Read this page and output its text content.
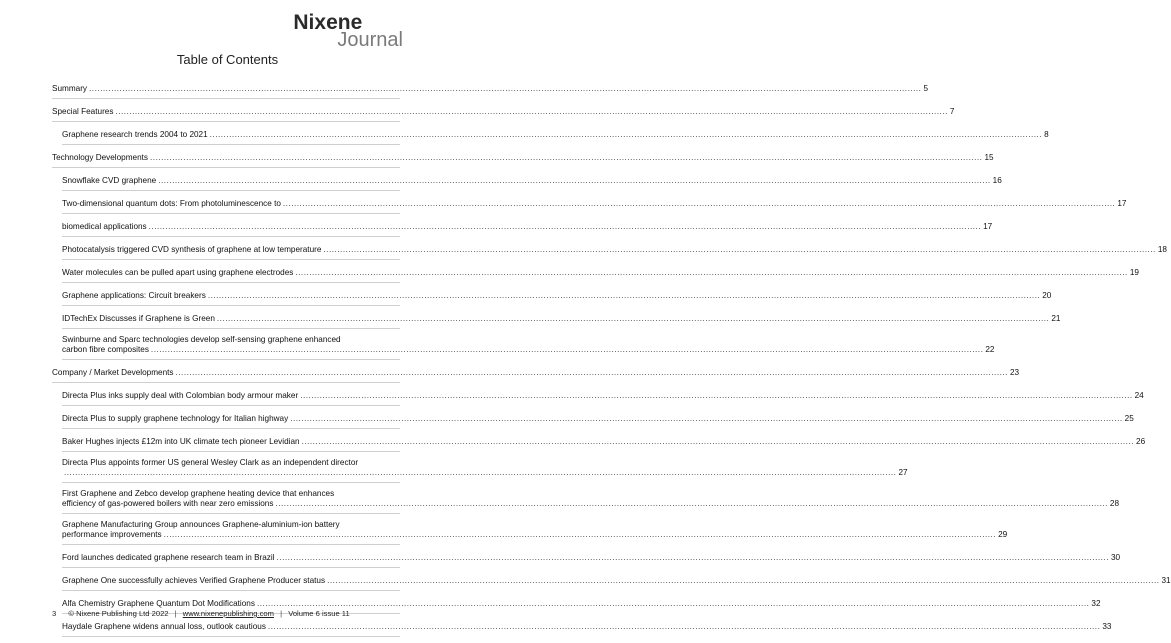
Nixene
Journal
Table of Contents
Summary ............................................................................................................................................................................................................................................................................................................ 5
Special Features ............................................................................................................................................................................................................................................................................................................ 7
Graphene research trends 2004 to 2021 ............................................................................................................................................................................................................................................................................................................ 8
Technology Developments ............................................................................................................................................................................................................................................................................................................ 15
Snowflake CVD graphene ............................................................................................................................................................................................................................................................................................................ 16
Two-dimensional quantum dots: From photoluminescence to ............................................................................................................................................................................................................................................................................................................ 17
biomedical applications ............................................................................................................................................................................................................................................................................................................ 17
Photocatalysis triggered CVD synthesis of graphene at low temperature ............................................................................................................................................................................................................................................................................................................ 18
Water molecules can be pulled apart using graphene electrodes ............................................................................................................................................................................................................................................................................................................ 19
Graphene applications: Circuit breakers ............................................................................................................................................................................................................................................................................................................ 20
IDTechEx Discusses if Graphene is Green ............................................................................................................................................................................................................................................................................................................ 21
Swinburne and Sparc technologies develop self-sensing graphene enhanced
carbon fibre composites ............................................................................................................................................................................................................................................................................................................ 22
Company / Market Developments ............................................................................................................................................................................................................................................................................................................ 23
Directa Plus inks supply deal with Colombian body armour maker ............................................................................................................................................................................................................................................................................................................ 24
Directa Plus to supply graphene technology for Italian highway ............................................................................................................................................................................................................................................................................................................ 25
Baker Hughes injects £12m into UK climate tech pioneer Levidian ............................................................................................................................................................................................................................................................................................................ 26
Directa Plus appoints former US general Wesley Clark as an independent director
............................................................................................................................................................................................................................................................................................................ 27
First Graphene and Zebco develop graphene heating device that enhances
efficiency of gas-powered boilers with near zero emissions ............................................................................................................................................................................................................................................................................................................ 28
Graphene Manufacturing Group announces Graphene-aluminium-ion battery
performance improvements ............................................................................................................................................................................................................................................................................................................ 29
Ford launches dedicated graphene research team in Brazil ............................................................................................................................................................................................................................................................................................................ 30
Graphene One successfully achieves Verified Graphene Producer status ............................................................................................................................................................................................................................................................................................................ 31
Alfa Chemistry Graphene Quantum Dot Modifications ............................................................................................................................................................................................................................................................................................................ 32
Haydale Graphene widens annual loss, outlook cautious ............................................................................................................................................................................................................................................................................................................ 33
3 © Nixene Publishing Ltd 2022 | www.nixenepublishing.com | Volume 6 issue 11
